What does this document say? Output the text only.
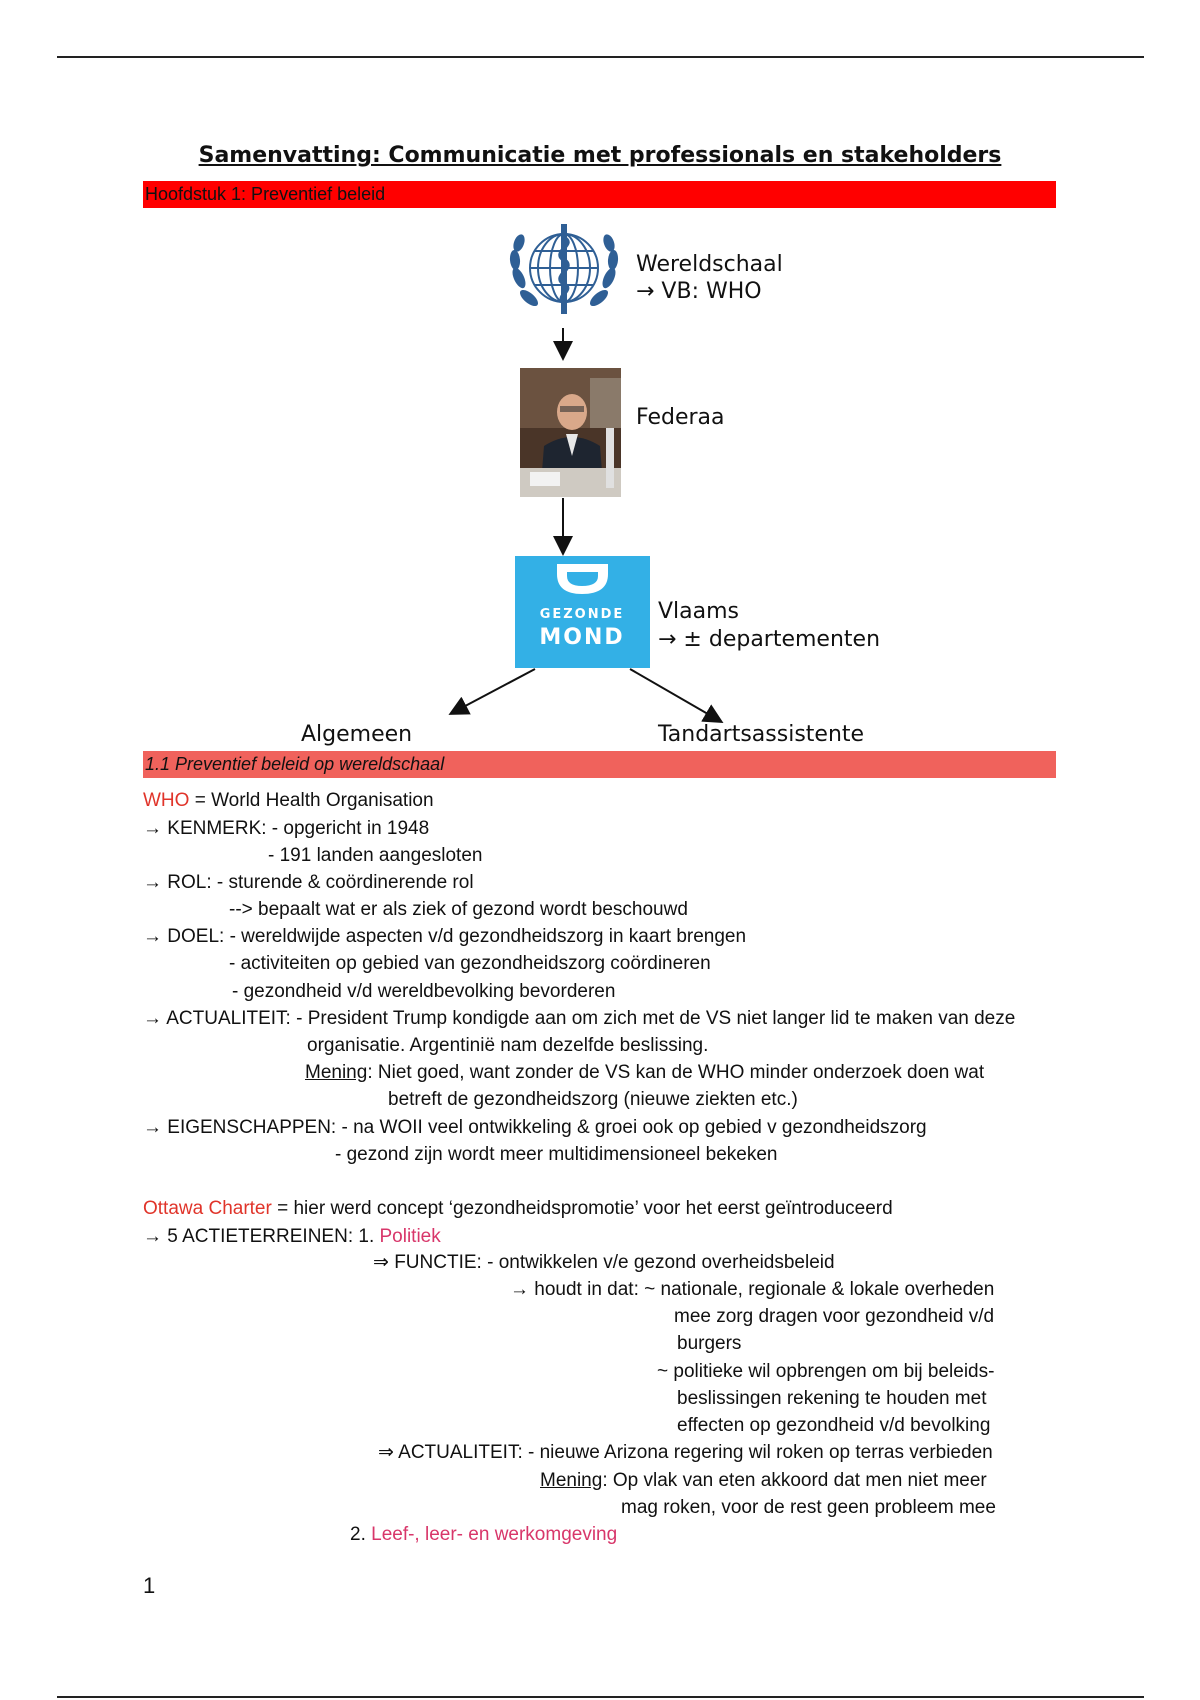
Samenvatting: Communicatie met professionals en stakeholders
Hoofdstuk 1: Preventief beleid
Wereldschaal
→ VB: WHO
Federaa
GEZONDE
MOND
Vlaams
→ ± departementen
Algemeen	Tandartsassistente
1.1 Preventief beleid op wereldschaal
WHO = World Health Organisation
→ KENMERK: - opgericht in 1948
- 191 landen aangesloten
→ ROL: - sturende & coördinerende rol
--> bepaalt wat er als ziek of gezond wordt beschouwd
→ DOEL: - wereldwijde aspecten v/d gezondheidszorg in kaart brengen
- activiteiten op gebied van gezondheidszorg coördineren
- gezondheid v/d wereldbevolking bevorderen
→ ACTUALITEIT: - President Trump kondigde aan om zich met de VS niet langer lid te maken van deze
organisatie. Argentinië nam dezelfde beslissing.
Mening: Niet goed, want zonder de VS kan de WHO minder onderzoek doen wat
betreft de gezondheidszorg (nieuwe ziekten etc.)
→ EIGENSCHAPPEN: - na WOII veel ontwikkeling & groei ook op gebied v gezondheidszorg
- gezond zijn wordt meer multidimensioneel bekeken
Ottawa Charter = hier werd concept ‘gezondheidspromotie’ voor het eerst geïntroduceerd
→ 5 ACTIETERREINEN: 1. Politiek
⇒ FUNCTIE: - ontwikkelen v/e gezond overheidsbeleid
→ houdt in dat: ~ nationale, regionale & lokale overheden
mee zorg dragen voor gezondheid v/d
burgers
~ politieke wil opbrengen om bij beleids-
beslissingen rekening te houden met
effecten op gezondheid v/d bevolking
⇒ ACTUALITEIT: - nieuwe Arizona regering wil roken op terras verbieden
Mening: Op vlak van eten akkoord dat men niet meer
mag roken, voor de rest geen probleem mee
2. Leef-, leer- en werkomgeving
1
